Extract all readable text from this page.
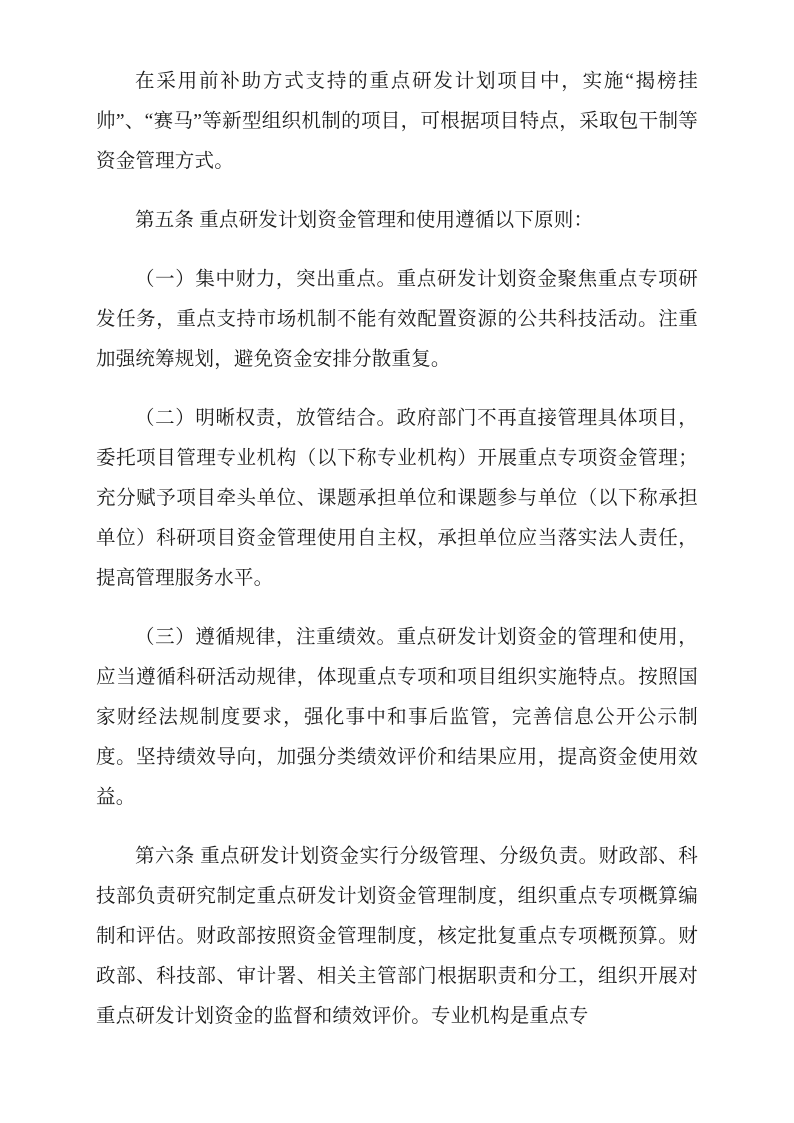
在采用前补助方式支持的重点研发计划项目中，实施“揭榜挂帅”、“赛马”等新型组织机制的项目，可根据项目特点，采取包干制等资金管理方式。

第五条 重点研发计划资金管理和使用遵循以下原则：

（一）集中财力，突出重点。重点研发计划资金聚焦重点专项研发任务，重点支持市场机制不能有效配置资源的公共科技活动。注重加强统筹规划，避免资金安排分散重复。

（二）明晰权责，放管结合。政府部门不再直接管理具体项目，委托项目管理专业机构（以下称专业机构）开展重点专项资金管理；充分赋予项目牵头单位、课题承担单位和课题参与单位（以下称承担单位）科研项目资金管理使用自主权，承担单位应当落实法人责任，提高管理服务水平。

（三）遵循规律，注重绩效。重点研发计划资金的管理和使用，应当遵循科研活动规律，体现重点专项和项目组织实施特点。按照国家财经法规制度要求，强化事中和事后监管，完善信息公开公示制度。坚持绩效导向，加强分类绩效评价和结果应用，提高资金使用效益。

第六条 重点研发计划资金实行分级管理、分级负责。财政部、科技部负责研究制定重点研发计划资金管理制度，组织重点专项概算编制和评估。财政部按照资金管理制度，核定批复重点专项概预算。财政部、科技部、审计署、相关主管部门根据职责和分工，组织开展对重点研发计划资金的监督和绩效评价。专业机构是重点专
